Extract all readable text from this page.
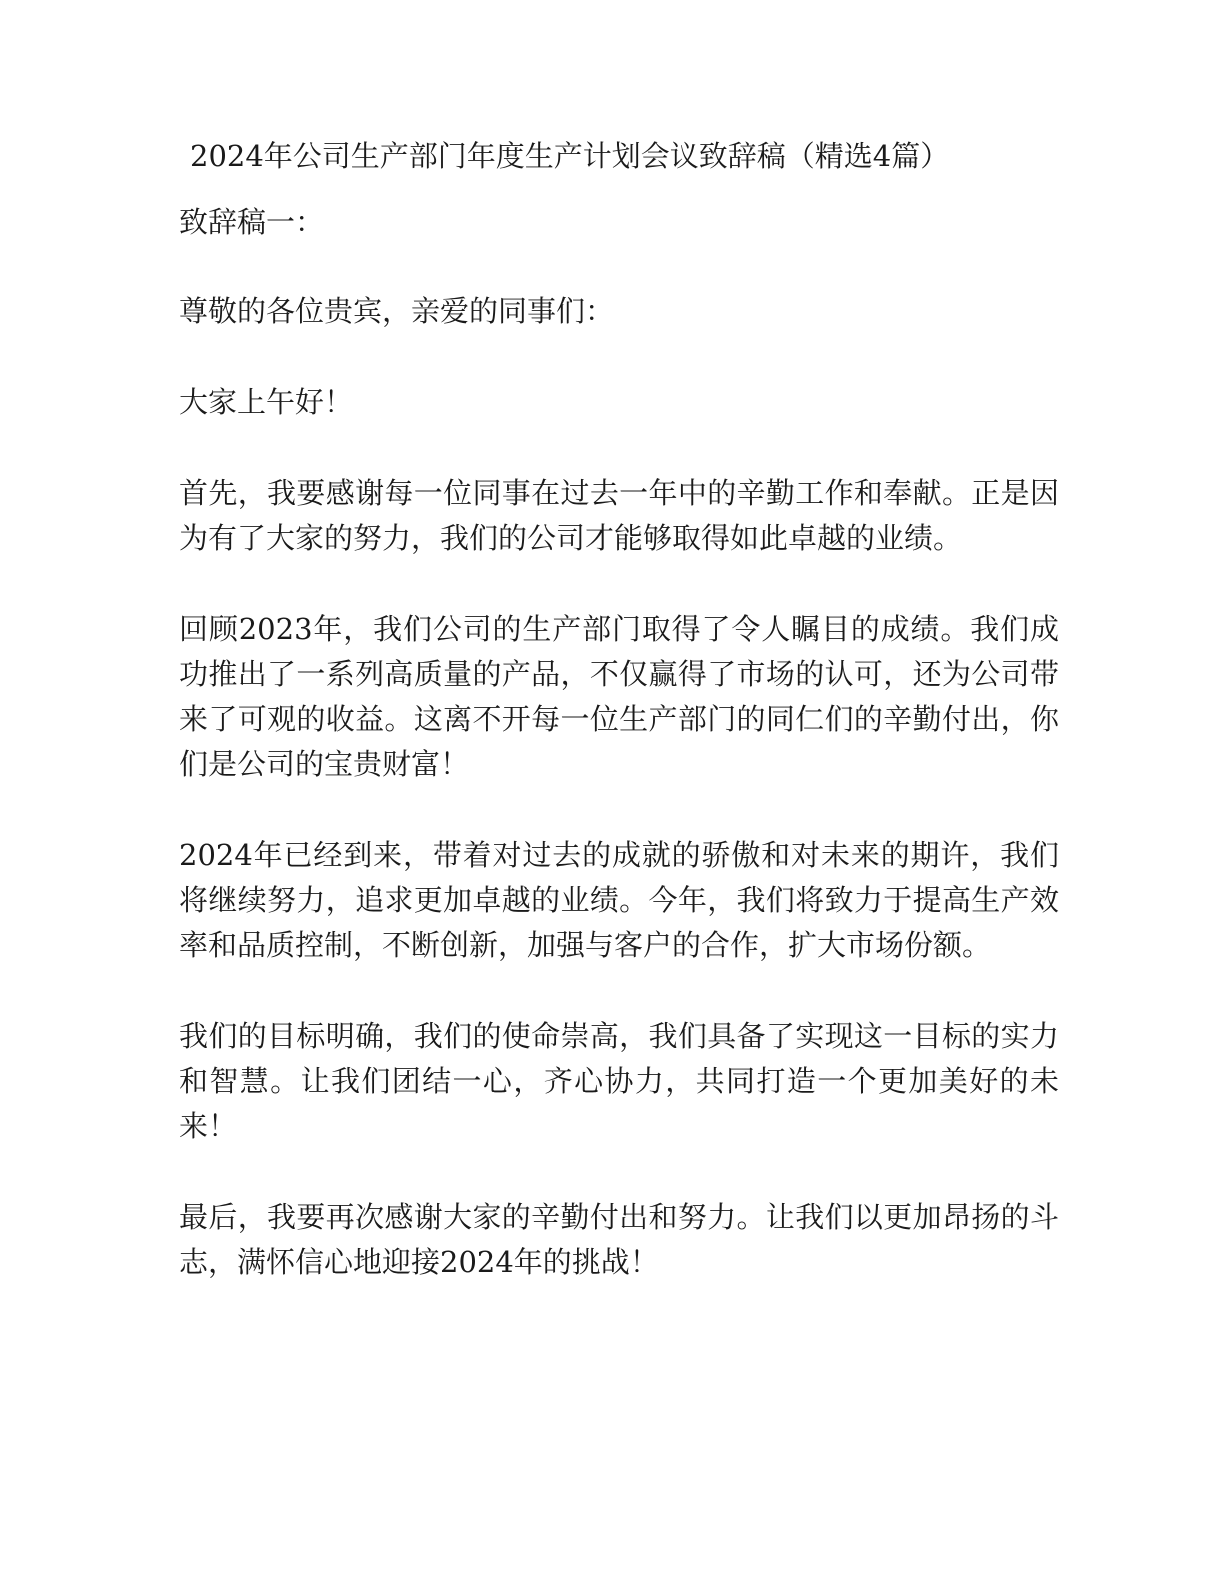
2024年公司生产部门年度生产计划会议致辞稿（精选4篇）

致辞稿一：

尊敬的各位贵宾，亲爱的同事们：

大家上午好！

首先，我要感谢每一位同事在过去一年中的辛勤工作和奉献。正是因为有了大家的努力，我们的公司才能够取得如此卓越的业绩。

回顾2023年，我们公司的生产部门取得了令人瞩目的成绩。我们成功推出了一系列高质量的产品，不仅赢得了市场的认可，还为公司带来了可观的收益。这离不开每一位生产部门的同仁们的辛勤付出，你们是公司的宝贵财富！

2024年已经到来，带着对过去的成就的骄傲和对未来的期许，我们将继续努力，追求更加卓越的业绩。今年，我们将致力于提高生产效率和品质控制，不断创新，加强与客户的合作，扩大市场份额。

我们的目标明确，我们的使命崇高，我们具备了实现这一目标的实力和智慧。让我们团结一心，齐心协力，共同打造一个更加美好的未来！

最后，我要再次感谢大家的辛勤付出和努力。让我们以更加昂扬的斗志，满怀信心地迎接2024年的挑战！
